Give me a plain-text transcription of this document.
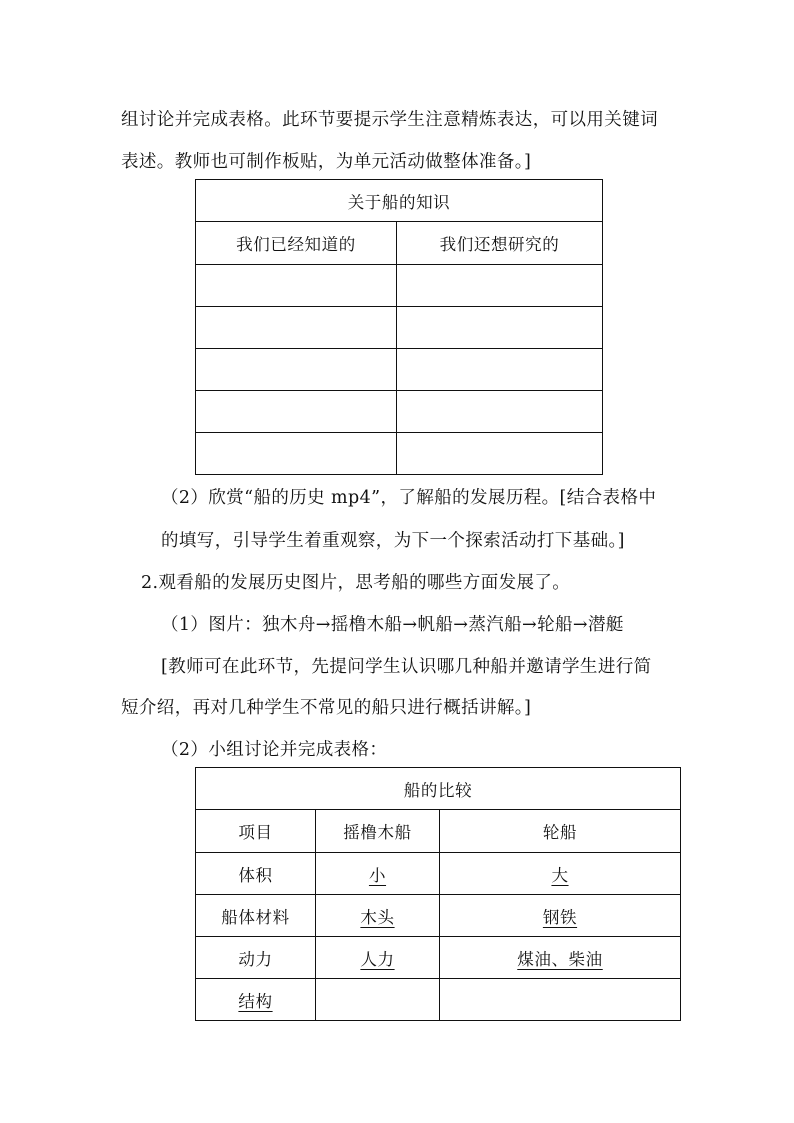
组讨论并完成表格。此环节要提示学生注意精炼表达，可以用关键词
表述。教师也可制作板贴，为单元活动做整体准备。]
关于船的知识	
我们已经知道的	我们还想研究的

（2）欣赏“船的历史 mp4”，了解船的发展历程。[结合表格中
的填写，引导学生着重观察，为下一个探索活动打下基础。]
2.观看船的发展历史图片，思考船的哪些方面发展了。
（1）图片：独木舟→摇橹木船→帆船→蒸汽船→轮船→潜艇
[教师可在此环节，先提问学生认识哪几种船并邀请学生进行简
短介绍，再对几种学生不常见的船只进行概括讲解。]
（2）小组讨论并完成表格：
船的比较		
项目	摇橹木船	轮船
体积	小	大
船体材料	木头	钢铁
动力	人力	煤油、柴油
结构		
